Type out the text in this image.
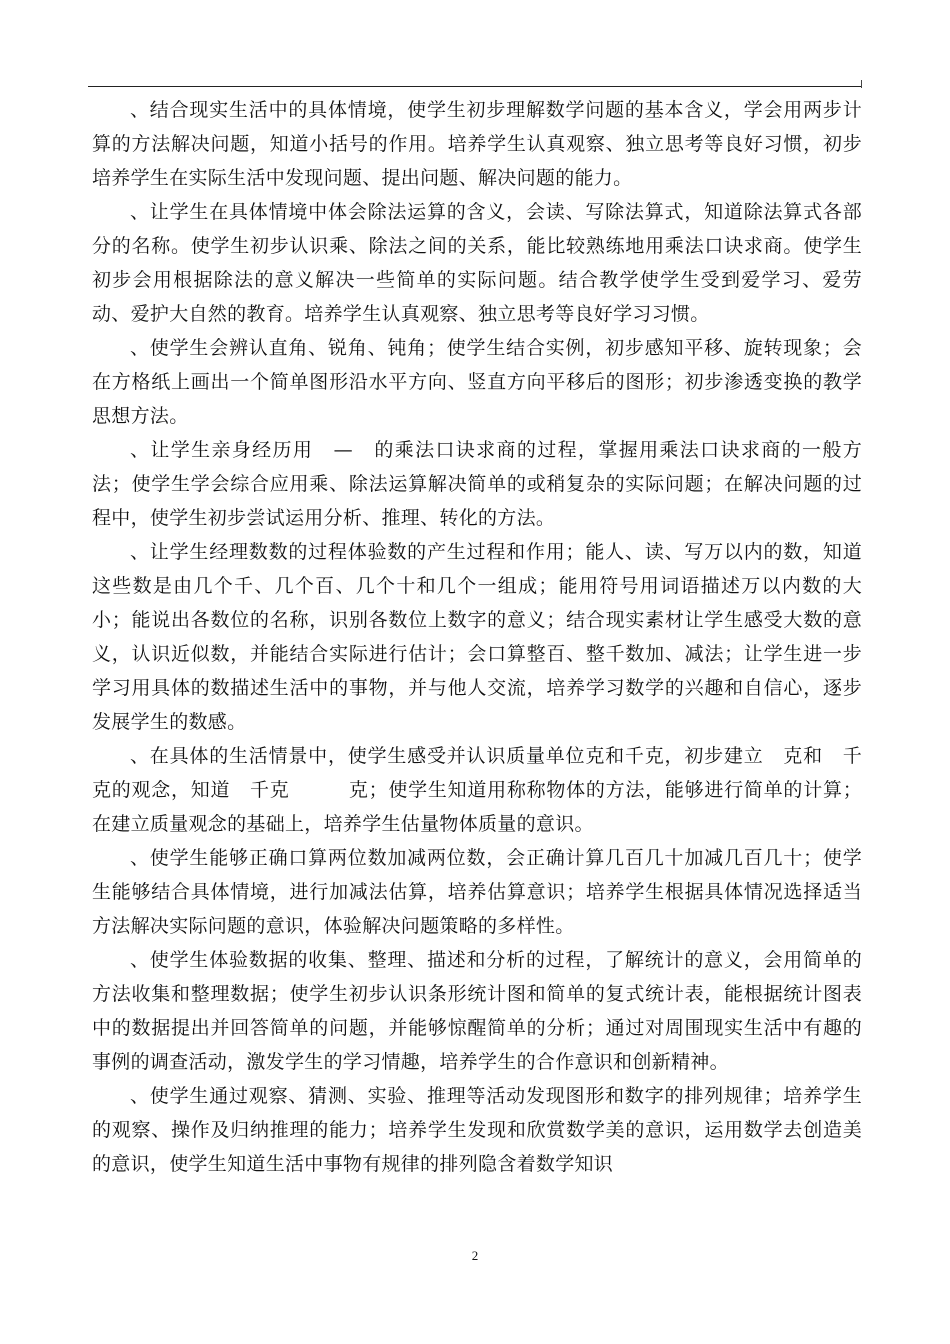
、结合现实生活中的具体情境，使学生初步理解数学问题的基本含义，学会用两步计算的方法解决问题，知道小括号的作用。培养学生认真观察、独立思考等良好习惯，初步培养学生在实际生活中发现问题、提出问题、解决问题的能力。

、让学生在具体情境中体会除法运算的含义，会读、写除法算式，知道除法算式各部分的名称。使学生初步认识乘、除法之间的关系，能比较熟练地用乘法口诀求商。使学生初步会用根据除法的意义解决一些简单的实际问题。结合教学使学生受到爱学习、爱劳动、爱护大自然的教育。培养学生认真观察、独立思考等良好学习习惯。

、使学生会辨认直角、锐角、钝角；使学生结合实例，初步感知平移、旋转现象；会在方格纸上画出一个简单图形沿水平方向、竖直方向平移后的图形；初步渗透变换的教学思想方法。

、让学生亲身经历用　—　的乘法口诀求商的过程，掌握用乘法口诀求商的一般方法；使学生学会综合应用乘、除法运算解决简单的或稍复杂的实际问题；在解决问题的过程中，使学生初步尝试运用分析、推理、转化的方法。

、让学生经理数数的过程体验数的产生过程和作用；能人、读、写万以内的数，知道这些数是由几个千、几个百、几个十和几个一组成；能用符号用词语描述万以内数的大小；能说出各数位的名称，识别各数位上数字的意义；结合现实素材让学生感受大数的意义，认识近似数，并能结合实际进行估计；会口算整百、整千数加、减法；让学生进一步学习用具体的数描述生活中的事物，并与他人交流，培养学习数学的兴趣和自信心，逐步发展学生的数感。

、在具体的生活情景中，使学生感受并认识质量单位克和千克，初步建立　克和　千克的观念，知道　千克　　　克；使学生知道用称称物体的方法，能够进行简单的计算；在建立质量观念的基础上，培养学生估量物体质量的意识。

、使学生能够正确口算两位数加减两位数，会正确计算几百几十加减几百几十；使学生能够结合具体情境，进行加减法估算，培养估算意识；培养学生根据具体情况选择适当方法解决实际问题的意识，体验解决问题策略的多样性。

、使学生体验数据的收集、整理、描述和分析的过程，了解统计的意义，会用简单的方法收集和整理数据；使学生初步认识条形统计图和简单的复式统计表，能根据统计图表中的数据提出并回答简单的问题，并能够惊醒简单的分析；通过对周围现实生活中有趣的事例的调查活动，激发学生的学习情趣，培养学生的合作意识和创新精神。

、使学生通过观察、猜测、实验、推理等活动发现图形和数字的排列规律；培养学生的观察、操作及归纳推理的能力；培养学生发现和欣赏数学美的意识，运用数学去创造美的意识，使学生知道生活中事物有规律的排列隐含着数学知识

2
